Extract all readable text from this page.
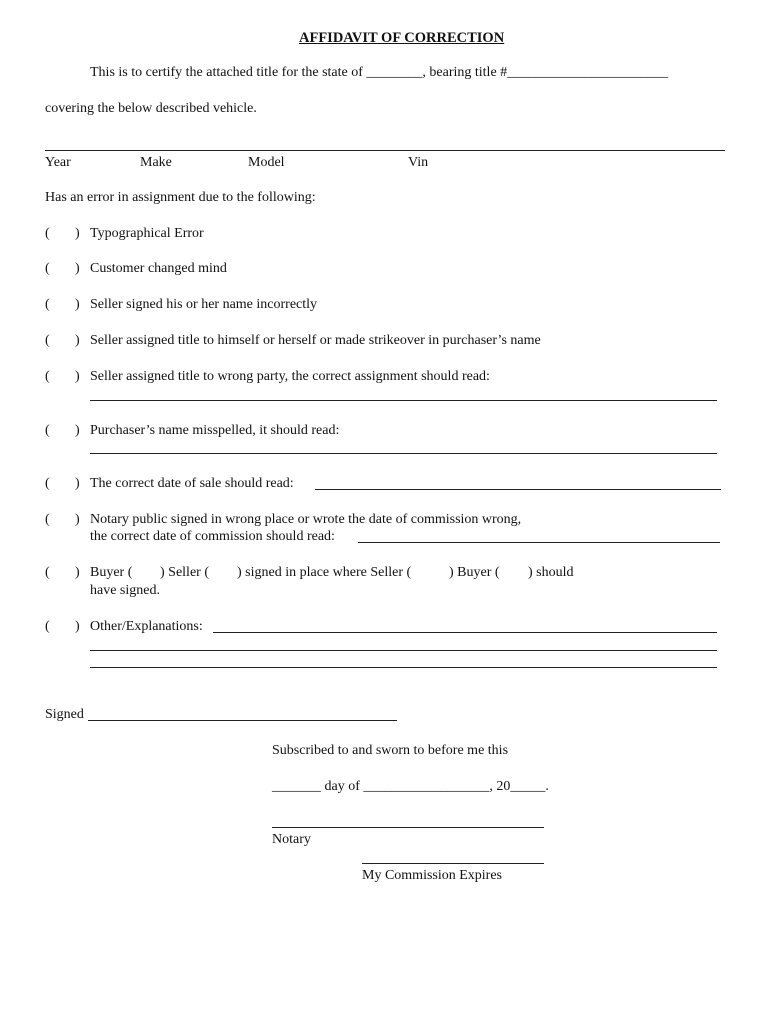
AFFIDAVIT OF CORRECTION
This is to certify the attached title for the state of ________, bearing title #_______________________
covering the below described vehicle.
Year	Make	Model	Vin
Has an error in assignment due to the following:
( ) Typographical Error
( ) Customer changed mind
( ) Seller signed his or her name incorrectly
( ) Seller assigned title to himself or herself or made strikeover in purchaser’s name
( ) Seller assigned title to wrong party, the correct assignment should read:
( ) Purchaser’s name misspelled, it should read:
( ) The correct date of sale should read:
( ) Notary public signed in wrong place or wrote the date of commission wrong,
the correct date of commission should read:
( ) Buyer ( ) Seller ( ) signed in place where Seller (	) Buyer ( ) should
have signed.
( ) Other/Explanations:
Signed
Subscribed to and sworn to before me this
_______ day of __________________, 20_____.
Notary
My Commission Expires
